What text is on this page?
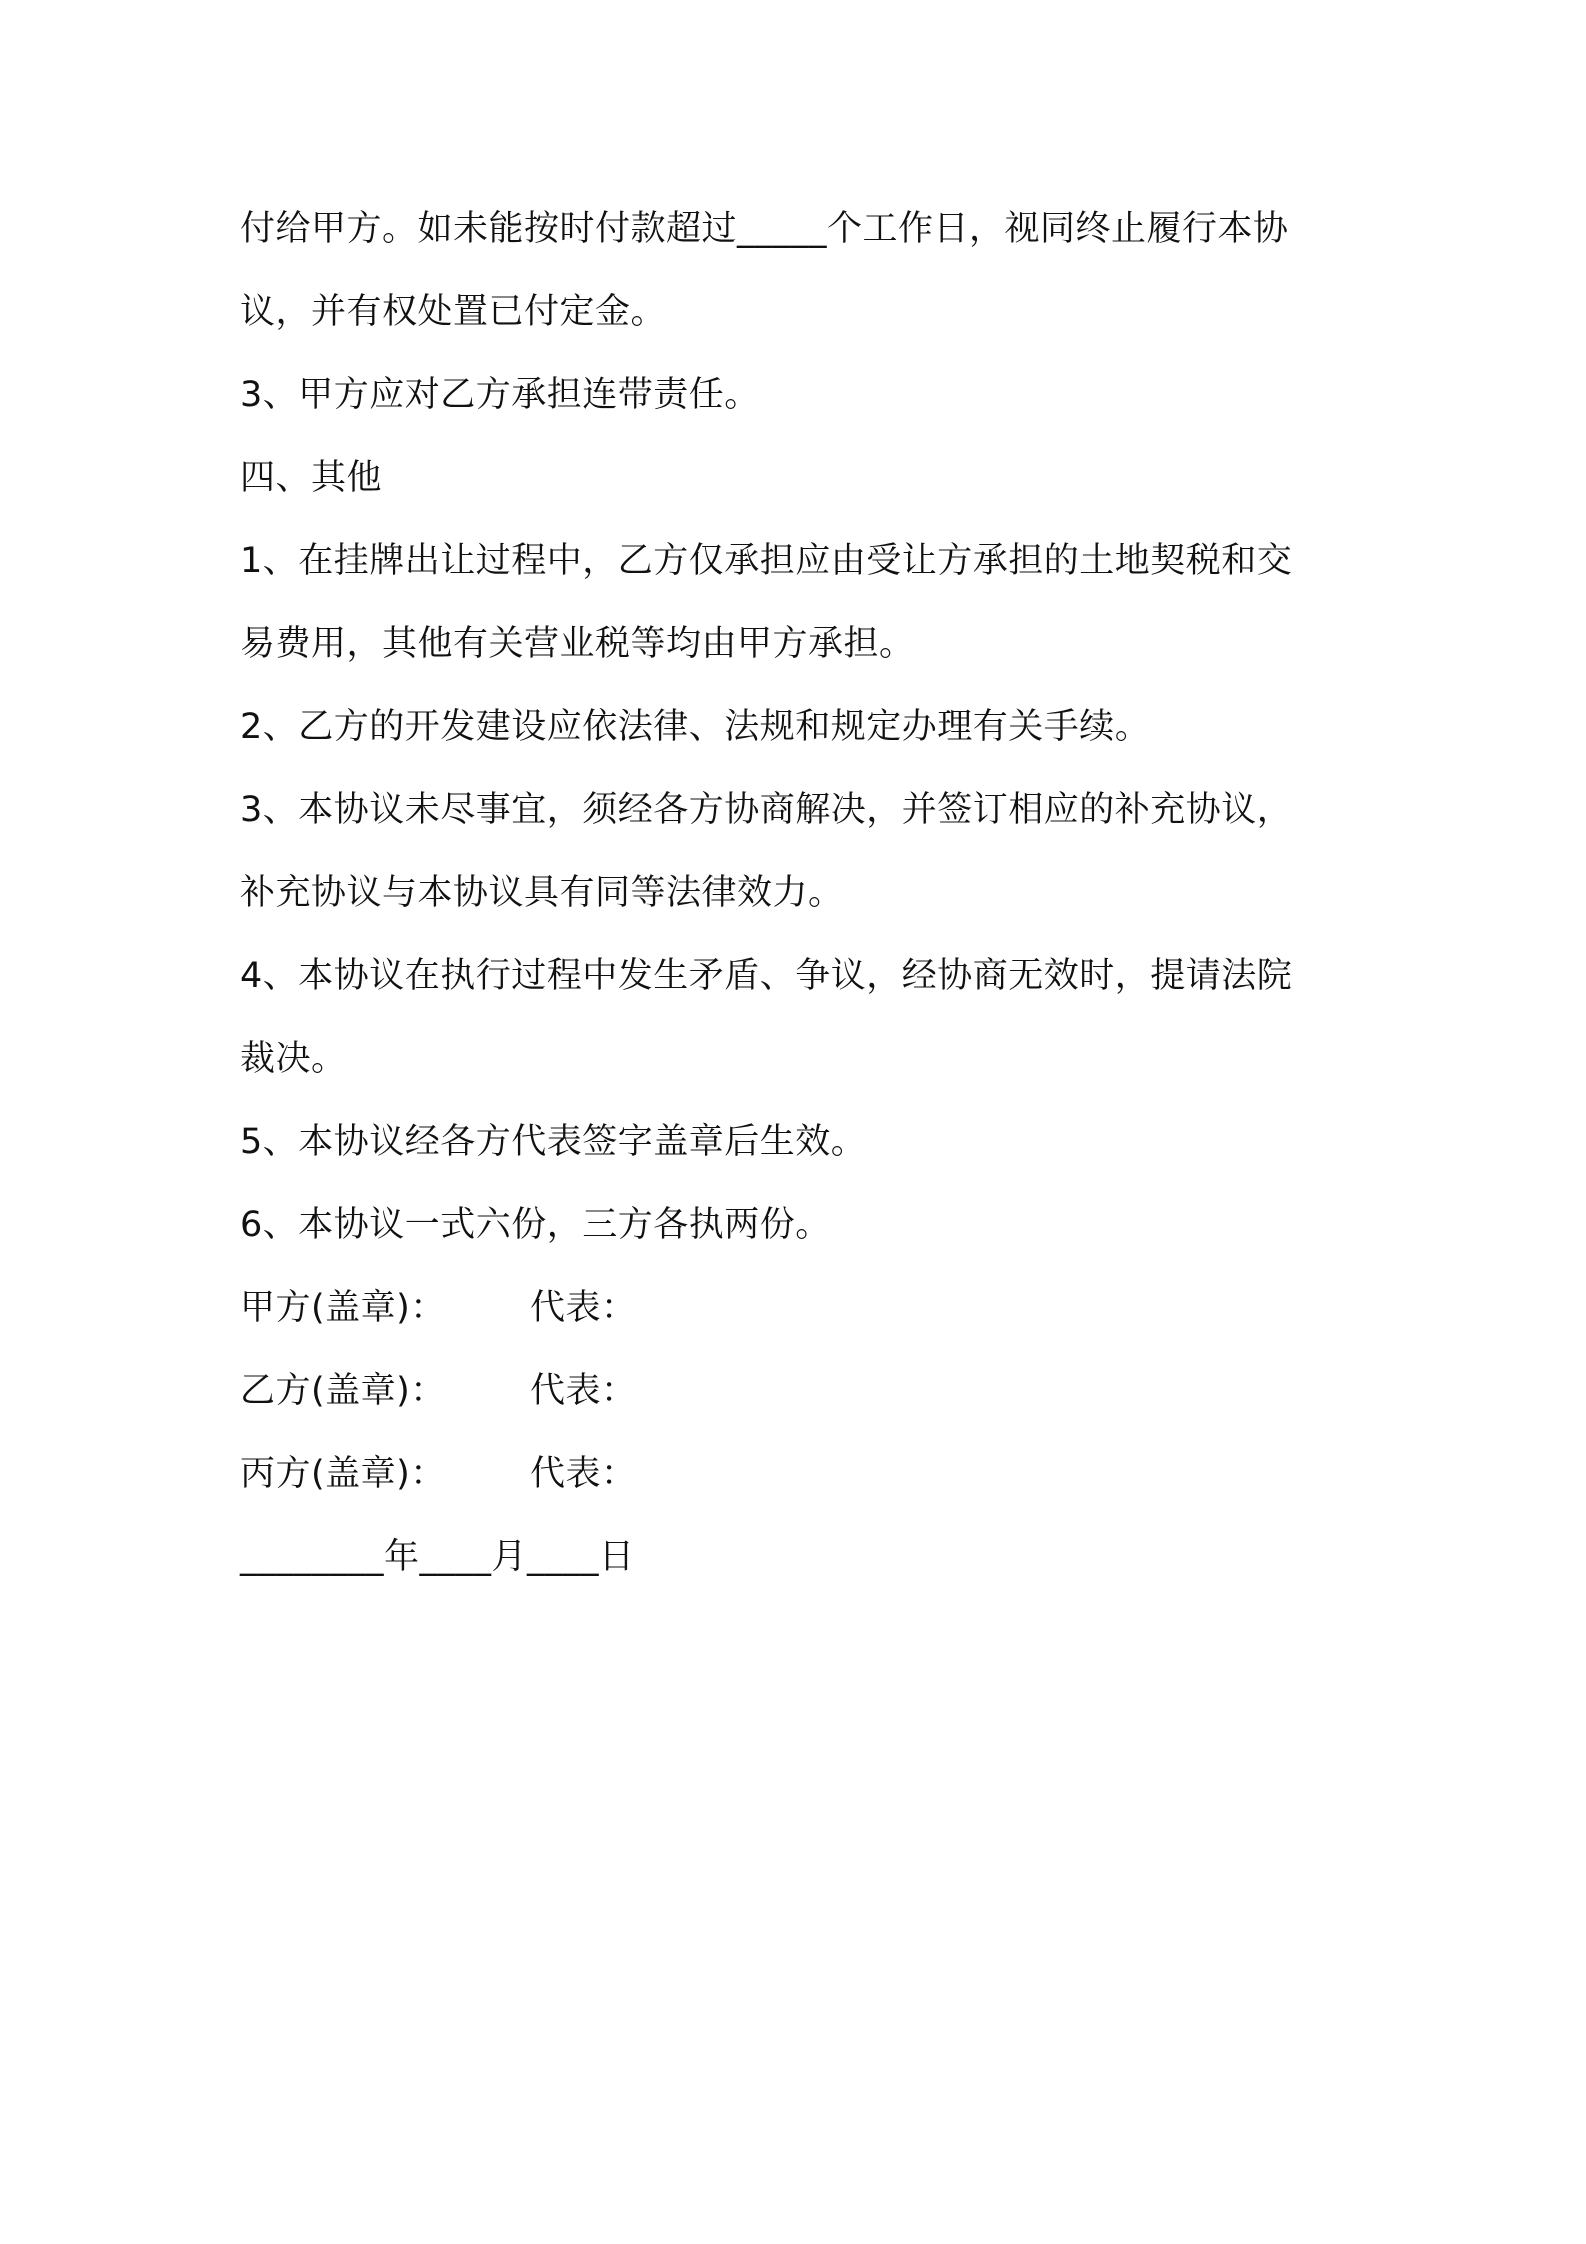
付给甲方。如未能按时付款超过_____个工作日，视同终止履行本协
议，并有权处置已付定金。
3、甲方应对乙方承担连带责任。
四、其他
1、在挂牌出让过程中，乙方仅承担应由受让方承担的土地契税和交
易费用，其他有关营业税等均由甲方承担。
2、乙方的开发建设应依法律、法规和规定办理有关手续。
3、本协议未尽事宜，须经各方协商解决，并签订相应的补充协议，
补充协议与本协议具有同等法律效力。
4、本协议在执行过程中发生矛盾、争议，经协商无效时，提请法院
裁决。
5、本协议经各方代表签字盖章后生效。
6、本协议一式六份，三方各执两份。
甲方(盖章)： 代表：
乙方(盖章)： 代表：
丙方(盖章)： 代表：
________年____月____日
